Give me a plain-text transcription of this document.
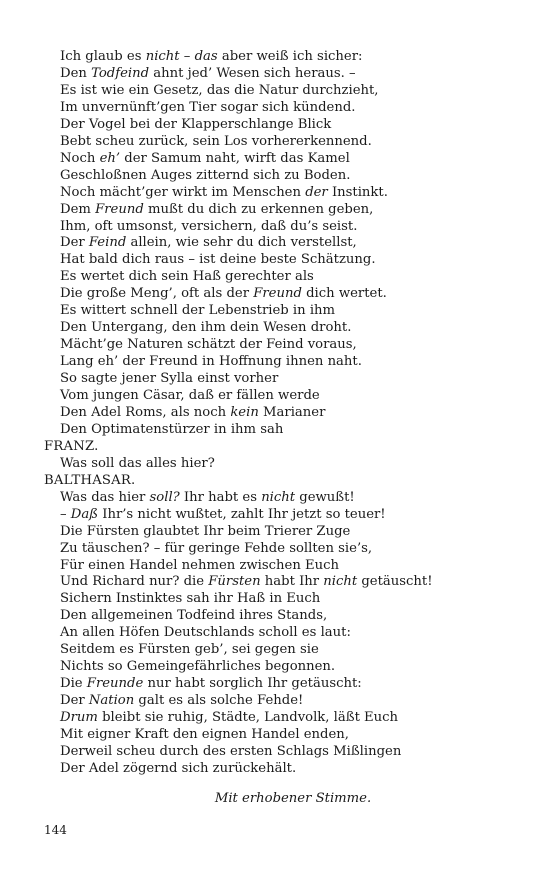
Ich glaub es nicht – das aber weiß ich sicher:
Den Todfeind ahnt jed’ Wesen sich heraus. –
Es ist wie ein Gesetz, das die Natur durchzieht,
Im unvernünft’gen Tier sogar sich kündend.
Der Vogel bei der Klapperschlange Blick
Bebt scheu zurück, sein Los vorhererkennend.
Noch eh’ der Samum naht, wirft das Kamel
Geschloßnen Auges zitternd sich zu Boden.
Noch mächt’ger wirkt im Menschen der Instinkt.
Dem Freund mußt du dich zu erkennen geben,
Ihm, oft umsonst, versichern, daß du’s seist.
Der Feind allein, wie sehr du dich verstellst,
Hat bald dich raus – ist deine beste Schätzung.
Es wertet dich sein Haß gerechter als
Die große Meng’, oft als der Freund dich wertet.
Es wittert schnell der Lebenstrieb in ihm
Den Untergang, den ihm dein Wesen droht.
Mächt’ge Naturen schätzt der Feind voraus,
Lang eh’ der Freund in Hoffnung ihnen naht.
So sagte jener Sylla einst vorher
Vom jungen Cäsar, daß er fällen werde
Den Adel Roms, als noch kein Marianer
Den Optimatenstürzer in ihm sah
FRANZ.
Was soll das alles hier?
BALTHASAR.
Was das hier soll? Ihr habt es nicht gewußt!
– Daß Ihr’s nicht wußtet, zahlt Ihr jetzt so teuer!
Die Fürsten glaubtet Ihr beim Trierer Zuge
Zu täuschen? – für geringe Fehde sollten sie’s,
Für einen Handel nehmen zwischen Euch
Und Richard nur? die Fürsten habt Ihr nicht getäuscht!
Sichern Instinktes sah ihr Haß in Euch
Den allgemeinen Todfeind ihres Stands,
An allen Höfen Deutschlands scholl es laut:
Seitdem es Fürsten geb’, sei gegen sie
Nichts so Gemeingefährliches begonnen.
Die Freunde nur habt sorglich Ihr getäuscht:
Der Nation galt es als solche Fehde!
Drum bleibt sie ruhig, Städte, Landvolk, läßt Euch
Mit eigner Kraft den eignen Handel enden,
Derweil scheu durch des ersten Schlags Mißlingen
Der Adel zögernd sich zurückehält.
Mit erhobener Stimme.
144
